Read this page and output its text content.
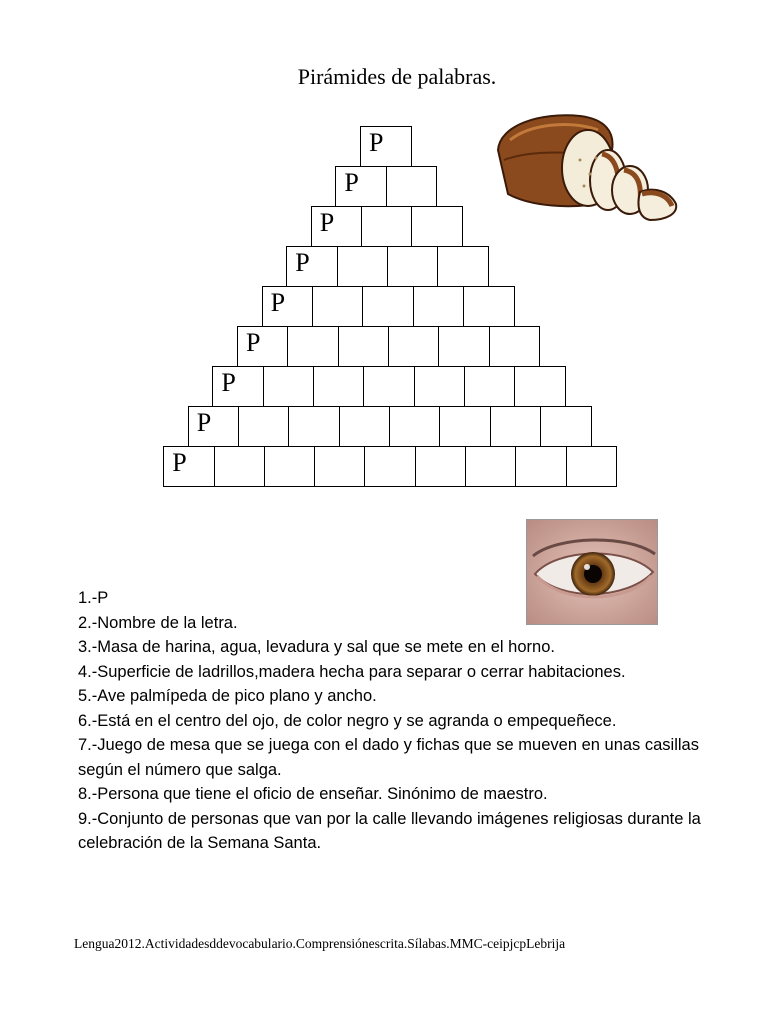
Pirámides de palabras.
P
P
P
P
P
P
P
P
P
1.-P
2.-Nombre de la letra.
3.-Masa de harina, agua, levadura y sal que se mete en el horno.
4.-Superficie de ladrillos,madera hecha para separar o cerrar habitaciones.
5.-Ave palmípeda de pico plano y ancho.
6.-Está en el centro del ojo, de color negro y se agranda o empequeñece.
7.-Juego de mesa que se juega con el dado y fichas que se mueven en unas casillas según el número que salga.
8.-Persona que tiene el oficio de enseñar. Sinónimo de maestro.
9.-Conjunto de personas que van por la calle llevando imágenes religiosas durante la celebración de la Semana Santa.
Lengua2012.Actividadesddevocabulario.Comprensiónescrita.Sílabas.MMC-ceipjcpLebrija
